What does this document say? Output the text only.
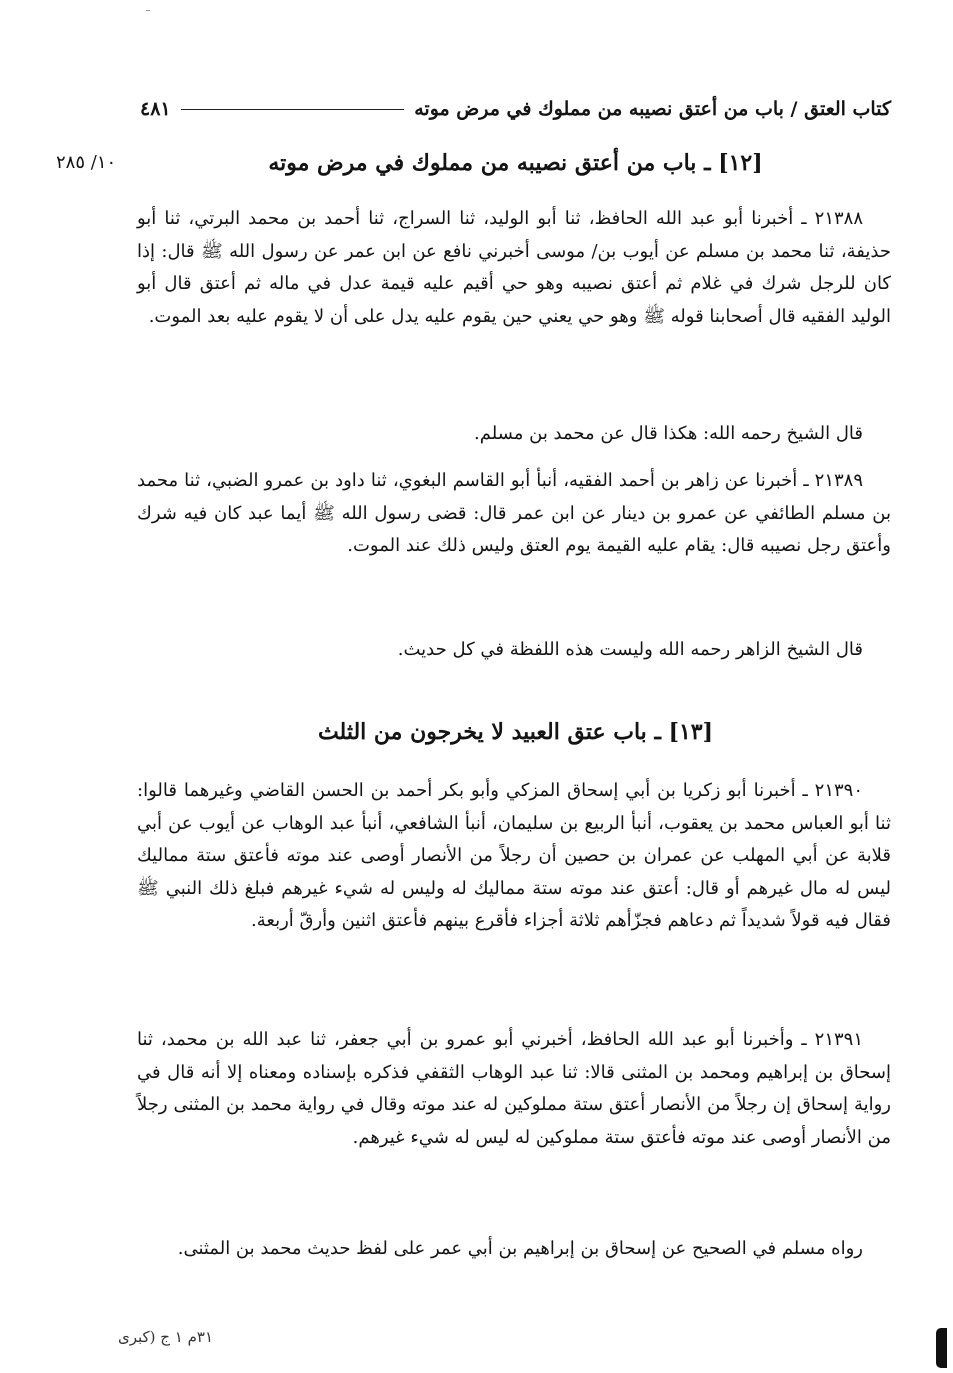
كتاب العتق / باب من أعتق نصيبه من مملوك في مرض موته
٤٨١
١٠/ ٢٨٥	[١٢] ـ باب من أعتق نصيبه من مملوك في مرض موته

٢١٣٨٨ ـ أخبرنا أبو عبد الله الحافظ، ثنا أبو الوليد، ثنا السراج، ثنا أحمد بن محمد البرتي، ثنا أبو حذيفة، ثنا محمد بن مسلم عن أيوب بن/ موسى أخبرني نافع عن ابن عمر عن رسول الله ﷺ قال: إذا كان للرجل شرك في غلام ثم أعتق نصيبه وهو حي أقيم عليه قيمة عدل في ماله ثم أعتق قال أبو الوليد الفقيه قال أصحابنا قوله ﷺ وهو حي يعني حين يقوم عليه يدل على أن لا يقوم عليه بعد الموت.

قال الشيخ رحمه الله: هكذا قال عن محمد بن مسلم.

٢١٣٨٩ ـ أخبرنا عن زاهر بن أحمد الفقيه، أنبأ أبو القاسم البغوي، ثنا داود بن عمرو الضبي، ثنا محمد بن مسلم الطائفي عن عمرو بن دينار عن ابن عمر قال: قضى رسول الله ﷺ أيما عبد كان فيه شرك وأعتق رجل نصيبه قال: يقام عليه القيمة يوم العتق وليس ذلك عند الموت.

قال الشيخ الزاهر رحمه الله وليست هذه اللفظة في كل حديث.

[١٣] ـ باب عتق العبيد لا يخرجون من الثلث

٢١٣٩٠ ـ أخبرنا أبو زكريا بن أبي إسحاق المزكي وأبو بكر أحمد بن الحسن القاضي وغيرهما قالوا: ثنا أبو العباس محمد بن يعقوب، أنبأ الربيع بن سليمان، أنبأ الشافعي، أنبأ عبد الوهاب عن أيوب عن أبي قلابة عن أبي المهلب عن عمران بن حصين أن رجلاً من الأنصار أوصى عند موته فأعتق ستة مماليك ليس له مال غيرهم أو قال: أعتق عند موته ستة مماليك له وليس له شيء غيرهم فبلغ ذلك النبي ﷺ فقال فيه قولاً شديداً ثم دعاهم فجزّأهم ثلاثة أجزاء فأقرع بينهم فأعتق اثنين وأرقّ أربعة.

٢١٣٩١ ـ وأخبرنا أبو عبد الله الحافظ، أخبرني أبو عمرو بن أبي جعفر، ثنا عبد الله بن محمد، ثنا إسحاق بن إبراهيم ومحمد بن المثنى قالا: ثنا عبد الوهاب الثقفي فذكره بإسناده ومعناه إلا أنه قال في رواية إسحاق إن رجلاً من الأنصار أعتق ستة مملوكين له عند موته وقال في رواية محمد بن المثنى رجلاً من الأنصار أوصى عند موته فأعتق ستة مملوكين له ليس له شيء غيرهم.

رواه مسلم في الصحيح عن إسحاق بن إبراهيم بن أبي عمر على لفظ حديث محمد بن المثنى.

٣١م ١ ج (كبرى
